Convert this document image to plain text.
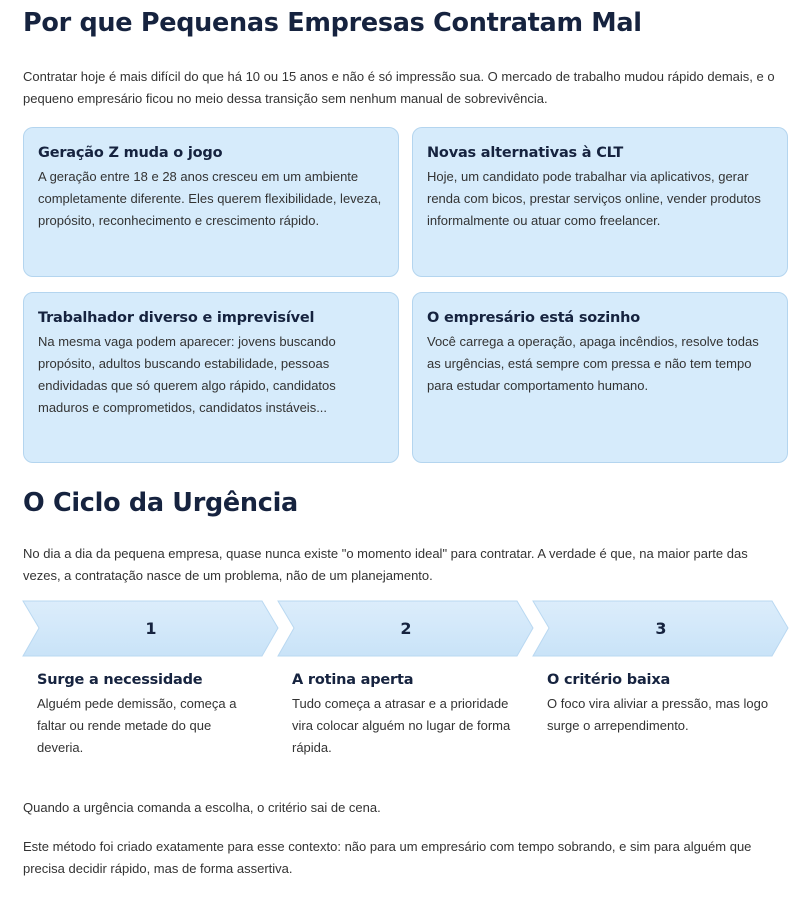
Por que Pequenas Empresas Contratam Mal

Contratar hoje é mais difícil do que há 10 ou 15 anos e não é só impressão sua. O mercado de trabalho mudou rápido demais, e o pequeno empresário ficou no meio dessa transição sem nenhum manual de sobrevivência.

Geração Z muda o jogo

A geração entre 18 e 28 anos cresceu em um ambiente completamente diferente. Eles querem flexibilidade, leveza, propósito, reconhecimento e crescimento rápido.

Novas alternativas à CLT

Hoje, um candidato pode trabalhar via aplicativos, gerar renda com bicos, prestar serviços online, vender produtos informalmente ou atuar como freelancer.

Trabalhador diverso e imprevisível

Na mesma vaga podem aparecer: jovens buscando propósito, adultos buscando estabilidade, pessoas endividadas que só querem algo rápido, candidatos maduros e comprometidos, candidatos instáveis...

O empresário está sozinho

Você carrega a operação, apaga incêndios, resolve todas as urgências, está sempre com pressa e não tem tempo para estudar comportamento humano.

O Ciclo da Urgência

No dia a dia da pequena empresa, quase nunca existe "o momento ideal" para contratar. A verdade é que, na maior parte das vezes, a contratação nasce de um problema, não de um planejamento.

1	2	3

Surge a necessidade

Alguém pede demissão, começa a faltar ou rende metade do que deveria.

A rotina aperta

Tudo começa a atrasar e a prioridade vira colocar alguém no lugar de forma rápida.

O critério baixa

O foco vira aliviar a pressão, mas logo surge o arrependimento.

Quando a urgência comanda a escolha, o critério sai de cena.

Este método foi criado exatamente para esse contexto: não para um empresário com tempo sobrando, e sim para alguém que precisa decidir rápido, mas de forma assertiva.
